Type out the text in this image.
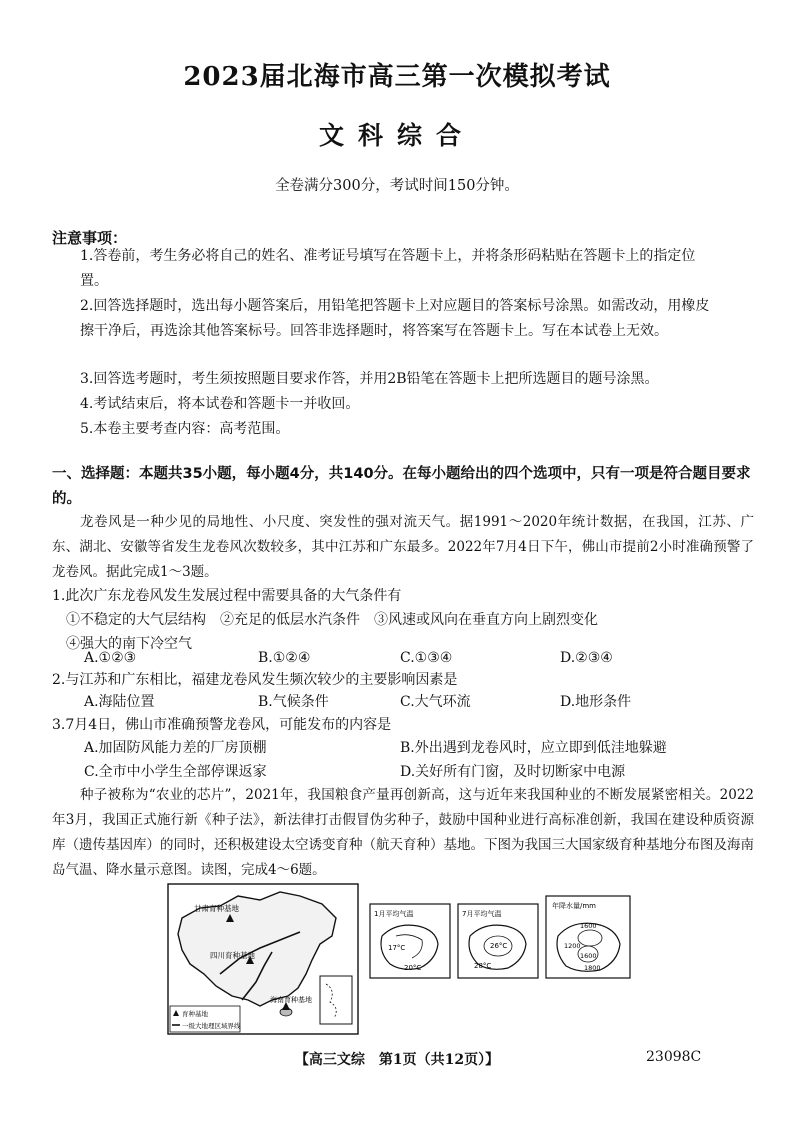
2023届北海市高三第一次模拟考试
文科综合
全卷满分300分，考试时间150分钟。
注意事项：
1.答卷前，考生务必将自己的姓名、准考证号填写在答题卡上，并将条形码粘贴在答题卡上的指定位置。
2.回答选择题时，选出每小题答案后，用铅笔把答题卡上对应题目的答案标号涂黑。如需改动，用橡皮擦干净后，再选涂其他答案标号。回答非选择题时，将答案写在答题卡上。写在本试卷上无效。
3.回答选考题时，考生须按照题目要求作答，并用2B铅笔在答题卡上把所选题目的题号涂黑。
4.考试结束后，将本试卷和答题卡一并收回。
5.本卷主要考查内容：高考范围。
一、选择题：本题共35小题，每小题4分，共140分。在每小题给出的四个选项中，只有一项是符合题目要求的。
龙卷风是一种少见的局地性、小尺度、突发性的强对流天气。据1991～2020年统计数据，在我国，江苏、广东、湖北、安徽等省发生龙卷风次数较多，其中江苏和广东最多。2022年7月4日下午，佛山市提前2小时准确预警了龙卷风。据此完成1～3题。
1.此次广东龙卷风发生发展过程中需要具备的大气条件有
①不稳定的大气层结构　②充足的低层水汽条件　③风速或风向在垂直方向上剧烈变化
④强大的南下冷空气
A.①②③	B.①②④	C.①③④	D.②③④
2.与江苏和广东相比，福建龙卷风发生频次较少的主要影响因素是
A.海陆位置	B.气候条件	C.大气环流	D.地形条件
3.7月4日，佛山市准确预警龙卷风，可能发布的内容是
A.加固防风能力差的厂房顶棚	B.外出遇到龙卷风时，应立即到低洼地躲避
C.全市中小学生全部停课返家	D.关好所有门窗，及时切断家中电源
种子被称为“农业的芯片”，2021年，我国粮食产量再创新高，这与近年来我国种业的不断发展紧密相关。2022年3月，我国正式施行新《种子法》，新法律打击假冒伪劣种子，鼓励中国种业进行高标准创新，我国在建设种质资源库（遗传基因库）的同时，还积极建设太空诱变育种（航天育种）基地。下图为我国三大国家级育种基地分布图及海南岛气温、降水量示意图。读图，完成4～6题。
甘肃育种基地
四川育种基地
海南育种基地
育种基地
一级大地理区域界线
1月平均气温
17°C
20°C
7月平均气温
26°C
28°C
年降水量/mm
1600
1200
1600
1800
【高三文综　第1页（共12页）】	23098C
